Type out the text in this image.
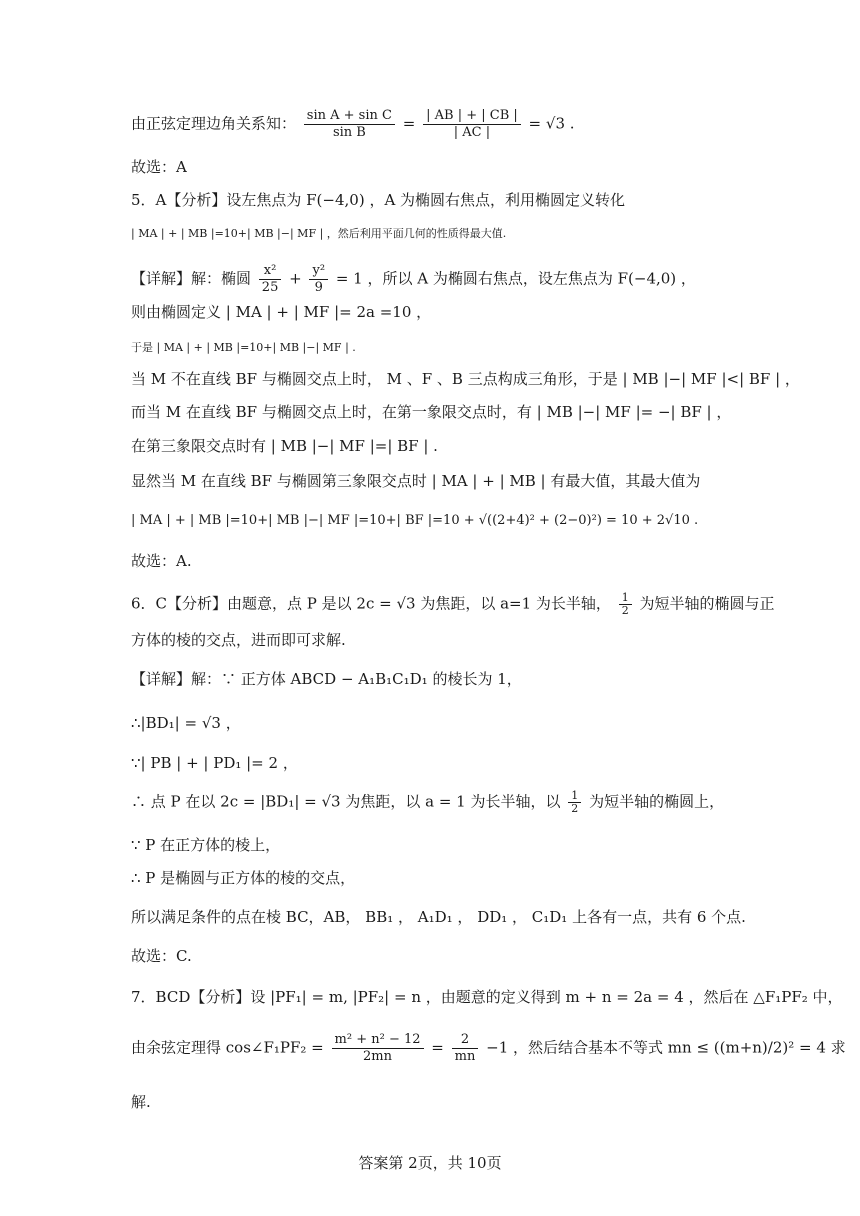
由正弦定理边角关系知： $\frac{\text{sin A + sin C}}{\text{sin B}} = \frac{| AB | + | CB |}{| AC |} = √3$ .
故选：A
5．A【分析】设左焦点为 F(−4,0) ，A 为椭圆右焦点，利用椭圆定义转化
| MA | + | MB |=10+| MB |−| MF | ，然后利用平面几何的性质得最大值.
【详解】解：椭圆 $\frac{\text{x²}}{25} + \frac{\text{y²}}{9} = 1$ ，所以 A 为椭圆右焦点，设左焦点为 F(−4,0) ，
则由椭圆定义 | MA | + | MF |= 2a =10 ，
于是 | MA | + | MB |=10+| MB |−| MF | .
当 M 不在直线 BF 与椭圆交点上时， M 、F 、B 三点构成三角形，于是 | MB |−| MF |<| BF | ，
而当 M 在直线 BF 与椭圆交点上时，在第一象限交点时，有 | MB |−| MF |= −| BF | ，
在第三象限交点时有 | MB |−| MF |=| BF | .
显然当 M 在直线 BF 与椭圆第三象限交点时 | MA | + | MB | 有最大值，其最大值为
| MA | + | MB |=10+| MB |−| MF |=10+| BF |=10 + √((2+4)² + (2−0)²) = 10 + 2√10 .
故选：A.
6．C【分析】由题意，点 P 是以 2c = √3 为焦距，以 a=1 为长半轴， $\frac{1}{2}$ 为短半轴的椭圆与正
方体的棱的交点，进而即可求解.
【详解】解：∵ 正方体 ABCD − A₁B₁C₁D₁ 的棱长为 1，
∴|BD₁| = √3 ，
∵| PB | + | PD₁ |= 2 ，
∴ 点 P 在以 2c = |BD₁| = √3 为焦距，以 a = 1 为长半轴，以 $\frac{1}{2}$ 为短半轴的椭圆上，
∵ P 在正方体的棱上，
∴ P 是椭圆与正方体的棱的交点，
所以满足条件的点在棱 BC，AB， BB₁ ， A₁D₁ ， DD₁ ， C₁D₁ 上各有一点，共有 6 个点.
故选：C.
7．BCD【分析】设 |PF₁| = m, |PF₂| = n ，由题意的定义得到 m + n = 2a = 4 ，然后在 △F₁PF₂ 中，
由余弦定理得 cos∠F₁PF₂ = $\frac{\text{m² + n² − 12}}{2mn} = \frac{2}{mn} -1$ ，然后结合基本不等式 mn ≤ ((m+n)/2)² = 4 求
解.
答案第 2页，共 10页
